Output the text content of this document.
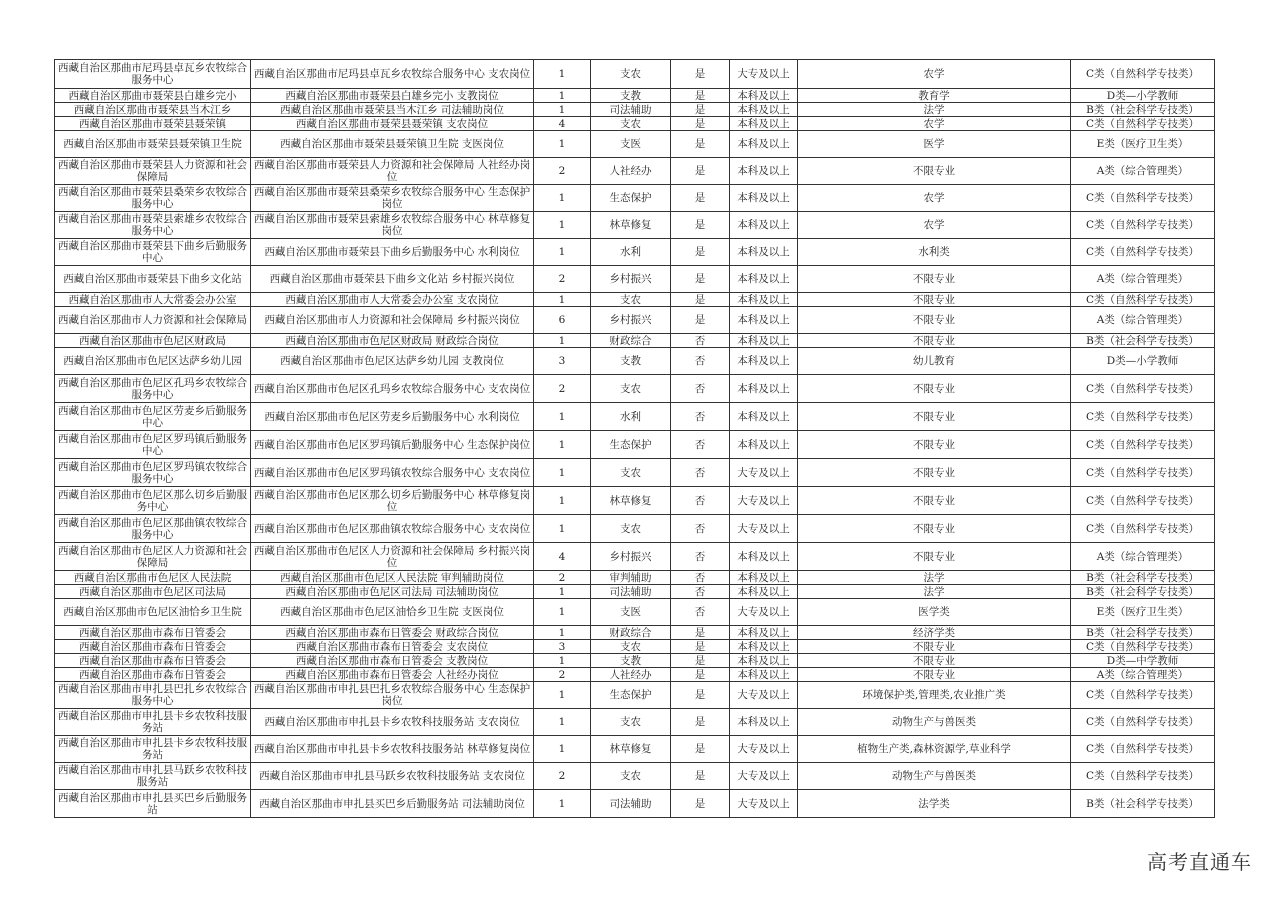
西藏自治区那曲市尼玛县卓瓦乡农牧综合服务中心	西藏自治区那曲市尼玛县卓瓦乡农牧综合服务中心 支农岗位	1	支农	是	大专及以上	农学	C类（自然科学专技类）
西藏自治区那曲市聂荣县白雄乡完小	西藏自治区那曲市聂荣县白雄乡完小 支教岗位	1	支教	是	本科及以上	教育学	D类—小学教师
西藏自治区那曲市聂荣县当木江乡	西藏自治区那曲市聂荣县当木江乡 司法辅助岗位	1	司法辅助	是	本科及以上	法学	B类（社会科学专技类）
西藏自治区那曲市聂荣县聂荣镇	西藏自治区那曲市聂荣县聂荣镇 支农岗位	4	支农	是	本科及以上	农学	C类（自然科学专技类）
西藏自治区那曲市聂荣县聂荣镇卫生院	西藏自治区那曲市聂荣县聂荣镇卫生院 支医岗位	1	支医	是	本科及以上	医学	E类（医疗卫生类）
西藏自治区那曲市聂荣县人力资源和社会保障局	西藏自治区那曲市聂荣县人力资源和社会保障局 人社经办岗位	2	人社经办	是	本科及以上	不限专业	A类（综合管理类）
西藏自治区那曲市聂荣县桑荣乡农牧综合服务中心	西藏自治区那曲市聂荣县桑荣乡农牧综合服务中心 生态保护岗位	1	生态保护	是	本科及以上	农学	C类（自然科学专技类）
西藏自治区那曲市聂荣县索雄乡农牧综合服务中心	西藏自治区那曲市聂荣县索雄乡农牧综合服务中心 林草修复岗位	1	林草修复	是	本科及以上	农学	C类（自然科学专技类）
西藏自治区那曲市聂荣县下曲乡后勤服务中心	西藏自治区那曲市聂荣县下曲乡后勤服务中心 水利岗位	1	水利	是	本科及以上	水利类	C类（自然科学专技类）
西藏自治区那曲市聂荣县下曲乡文化站	西藏自治区那曲市聂荣县下曲乡文化站 乡村振兴岗位	2	乡村振兴	是	本科及以上	不限专业	A类（综合管理类）
西藏自治区那曲市人大常委会办公室	西藏自治区那曲市人大常委会办公室 支农岗位	1	支农	是	本科及以上	不限专业	C类（自然科学专技类）
西藏自治区那曲市人力资源和社会保障局	西藏自治区那曲市人力资源和社会保障局 乡村振兴岗位	6	乡村振兴	是	本科及以上	不限专业	A类（综合管理类）
西藏自治区那曲市色尼区财政局	西藏自治区那曲市色尼区财政局 财政综合岗位	1	财政综合	否	本科及以上	不限专业	B类（社会科学专技类）
西藏自治区那曲市色尼区达萨乡幼儿园	西藏自治区那曲市色尼区达萨乡幼儿园 支教岗位	3	支教	否	本科及以上	幼儿教育	D类—小学教师
西藏自治区那曲市色尼区孔玛乡农牧综合服务中心	西藏自治区那曲市色尼区孔玛乡农牧综合服务中心 支农岗位	2	支农	否	本科及以上	不限专业	C类（自然科学专技类）
西藏自治区那曲市色尼区劳麦乡后勤服务中心	西藏自治区那曲市色尼区劳麦乡后勤服务中心 水利岗位	1	水利	否	本科及以上	不限专业	C类（自然科学专技类）
西藏自治区那曲市色尼区罗玛镇后勤服务中心	西藏自治区那曲市色尼区罗玛镇后勤服务中心 生态保护岗位	1	生态保护	否	本科及以上	不限专业	C类（自然科学专技类）
西藏自治区那曲市色尼区罗玛镇农牧综合服务中心	西藏自治区那曲市色尼区罗玛镇农牧综合服务中心 支农岗位	1	支农	否	大专及以上	不限专业	C类（自然科学专技类）
西藏自治区那曲市色尼区那么切乡后勤服务中心	西藏自治区那曲市色尼区那么切乡后勤服务中心 林草修复岗位	1	林草修复	否	大专及以上	不限专业	C类（自然科学专技类）
西藏自治区那曲市色尼区那曲镇农牧综合服务中心	西藏自治区那曲市色尼区那曲镇农牧综合服务中心 支农岗位	1	支农	否	大专及以上	不限专业	C类（自然科学专技类）
西藏自治区那曲市色尼区人力资源和社会保障局	西藏自治区那曲市色尼区人力资源和社会保障局 乡村振兴岗位	4	乡村振兴	否	本科及以上	不限专业	A类（综合管理类）
西藏自治区那曲市色尼区人民法院	西藏自治区那曲市色尼区人民法院 审判辅助岗位	2	审判辅助	否	本科及以上	法学	B类（社会科学专技类）
西藏自治区那曲市色尼区司法局	西藏自治区那曲市色尼区司法局 司法辅助岗位	1	司法辅助	否	本科及以上	法学	B类（社会科学专技类）
西藏自治区那曲市色尼区油恰乡卫生院	西藏自治区那曲市色尼区油恰乡卫生院 支医岗位	1	支医	否	大专及以上	医学类	E类（医疗卫生类）
西藏自治区那曲市森布日管委会	西藏自治区那曲市森布日管委会 财政综合岗位	1	财政综合	是	本科及以上	经济学类	B类（社会科学专技类）
西藏自治区那曲市森布日管委会	西藏自治区那曲市森布日管委会 支农岗位	3	支农	是	本科及以上	不限专业	C类（自然科学专技类）
西藏自治区那曲市森布日管委会	西藏自治区那曲市森布日管委会 支教岗位	1	支教	是	本科及以上	不限专业	D类—中学教师
西藏自治区那曲市森布日管委会	西藏自治区那曲市森布日管委会 人社经办岗位	2	人社经办	是	本科及以上	不限专业	A类（综合管理类）
西藏自治区那曲市申扎县巴扎乡农牧综合服务中心	西藏自治区那曲市申扎县巴扎乡农牧综合服务中心 生态保护岗位	1	生态保护	是	大专及以上	环境保护类,管理类,农业推广类	C类（自然科学专技类）
西藏自治区那曲市申扎县卡乡农牧科技服务站	西藏自治区那曲市申扎县卡乡农牧科技服务站 支农岗位	1	支农	是	本科及以上	动物生产与兽医类	C类（自然科学专技类）
西藏自治区那曲市申扎县卡乡农牧科技服务站	西藏自治区那曲市申扎县卡乡农牧科技服务站 林草修复岗位	1	林草修复	是	大专及以上	植物生产类,森林资源学,草业科学	C类（自然科学专技类）
西藏自治区那曲市申扎县马跃乡农牧科技服务站	西藏自治区那曲市申扎县马跃乡农牧科技服务站 支农岗位	2	支农	是	大专及以上	动物生产与兽医类	C类（自然科学专技类）
西藏自治区那曲市申扎县买巴乡后勤服务站	西藏自治区那曲市申扎县买巴乡后勤服务站 司法辅助岗位	1	司法辅助	是	大专及以上	法学类	B类（社会科学专技类）
高考直通车
